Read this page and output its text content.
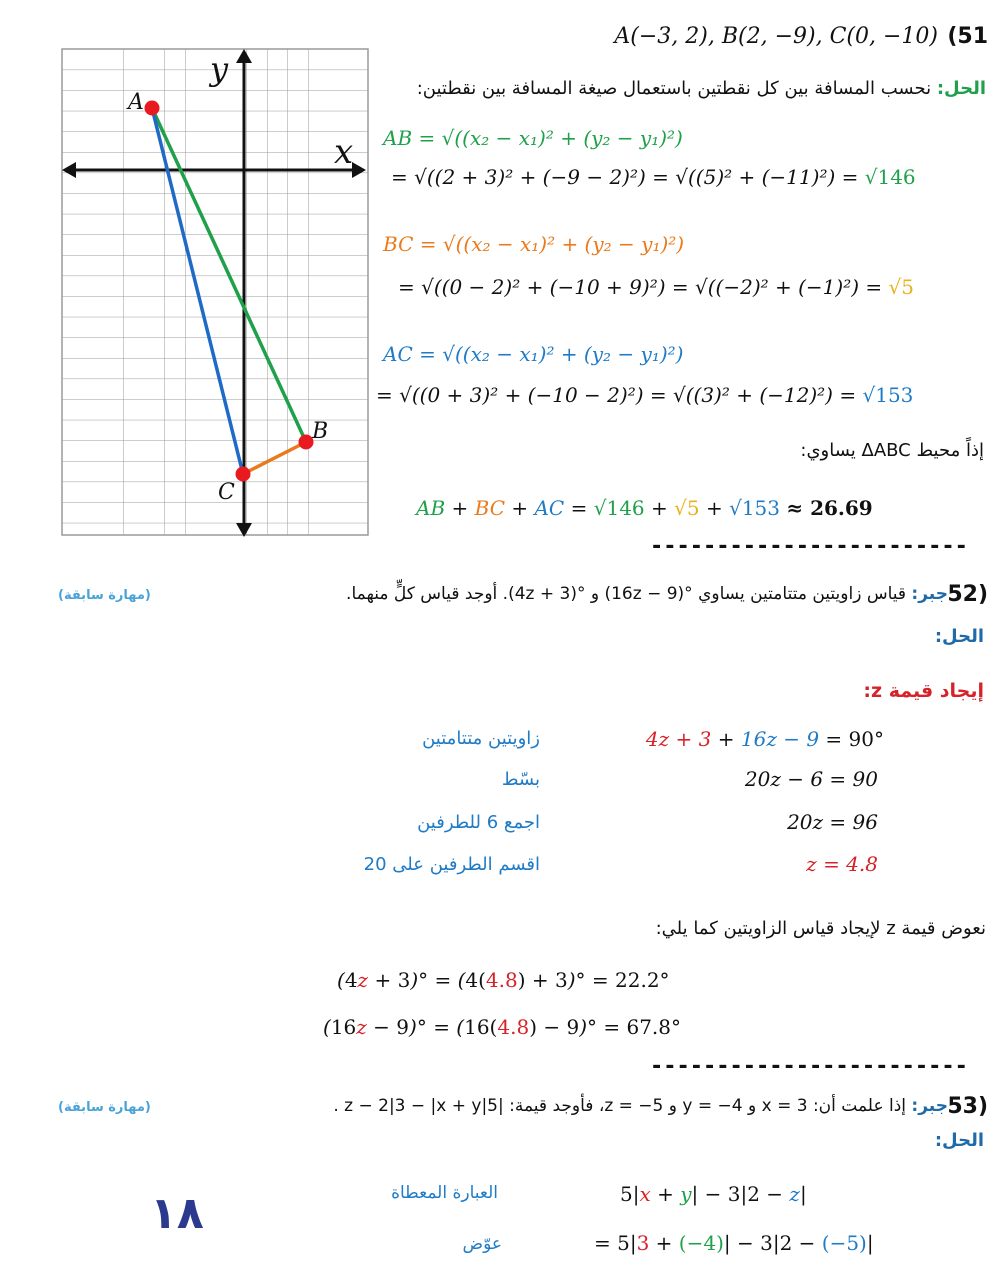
y
x
A
B
C
A(−3, 2), B(2, −9), C(0, −10) (51
الحل: نحسب المسافة بين كل نقطتين باستعمال صيغة المسافة بين نقطتين:
AB = √((x₂ − x₁)² + (y₂ − y₁)²)
= √((2 + 3)² + (−9 − 2)²) = √((5)² + (−11)²) = √146
BC = √((x₂ − x₁)² + (y₂ − y₁)²)
= √((0 − 2)² + (−10 + 9)²) = √((−2)² + (−1)²) = √5
AC = √((x₂ − x₁)² + (y₂ − y₁)²)
= √((0 + 3)² + (−10 − 2)²) = √((3)² + (−12)²) = √153
إذاً محيط ΔABC يساوي:
AB + BC + AC = √146 + √5 + √153 ≈ 26.69
------------------------
52)
جبر: قياس زاويتين متتامتين يساوي °(16z − 9) و °(4z + 3). أوجد قياس كلٍّ منهما.
(مهارة سابقة)
الحل:
إيجاد قيمة z:
4z + 3 + 16z − 9 = 90°
زاويتين متتامتين
20z − 6 = 90
بسّط
20z = 96
اجمع 6 للطرفين
z = 4.8
اقسم الطرفين على 20
نعوض قيمة z لإيجاد قياس الزاويتين كما يلي:
(4z + 3)° = (4(4.8) + 3)° = 22.2°
(16z − 9)° = (16(4.8) − 9)° = 67.8°
------------------------
53)
جبر: إذا علمت أن: x = 3 و y = −4 و z = −5، فأوجد قيمة: |z − 2|3 − |x + y|5 .
(مهارة سابقة)
الحل:
5|x + y| − 3|2 − z|
العبارة المعطاة
= 5|3 + (−4)| − 3|2 − (−5)|
عوّض
١٨
